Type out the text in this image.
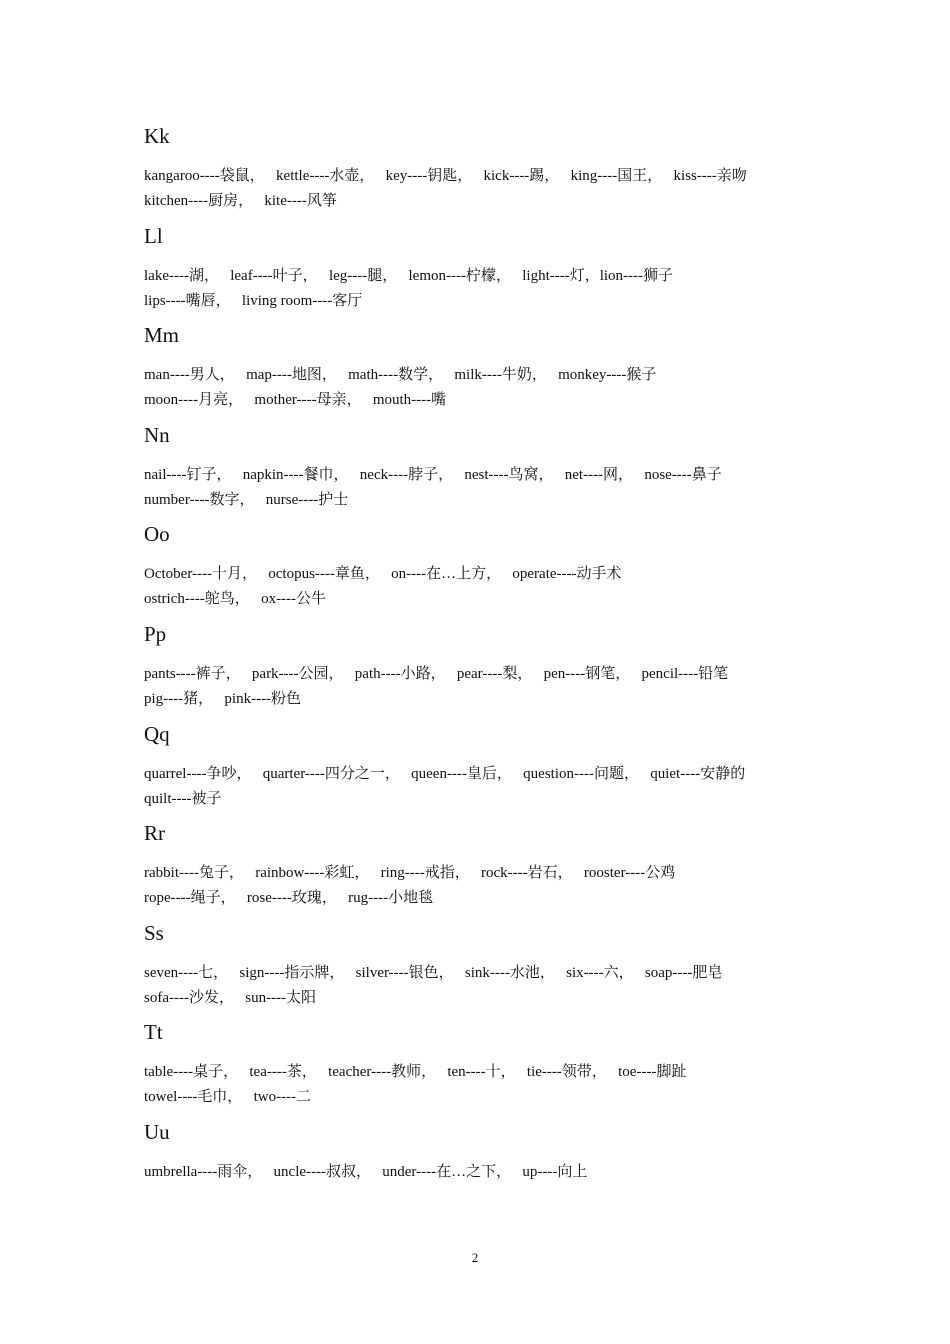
Kk
kangaroo----袋鼠， kettle----水壶， key----钥匙， kick----踢， king----国王， kiss----亲吻
kitchen----厨房， kite----风筝
Ll
lake----湖， leaf----叶子， leg----腿， lemon----柠檬， light----灯，lion----狮子
lips----嘴唇， living room----客厅
Mm
man----男人， map----地图， math----数学， milk----牛奶， monkey----猴子
moon----月亮， mother----母亲， mouth----嘴
Nn
nail----钉子， napkin----餐巾， neck----脖子， nest----鸟窝， net----网， nose----鼻子
number----数字， nurse----护士
Oo
October----十月， octopus----章鱼， on----在…上方， operate----动手术
ostrich----鸵鸟， ox----公牛
Pp
pants----裤子， park----公园， path----小路， pear----梨， pen----钢笔， pencil----铅笔
pig----猪， pink----粉色
Qq
quarrel----争吵， quarter----四分之一， queen----皇后， question----问题， quiet----安静的
quilt----被子
Rr
rabbit----兔子， rainbow----彩虹， ring----戒指， rock----岩石， rooster----公鸡
rope----绳子， rose----玫瑰， rug----小地毯
Ss
seven----七， sign----指示牌， silver----银色， sink----水池， six----六， soap----肥皂
sofa----沙发， sun----太阳
Tt
table----桌子， tea----茶， teacher----教师， ten----十， tie----领带， toe----脚趾
towel----毛巾， two----二
Uu
umbrella----雨伞， uncle----叔叔， under----在…之下， up----向上
2
